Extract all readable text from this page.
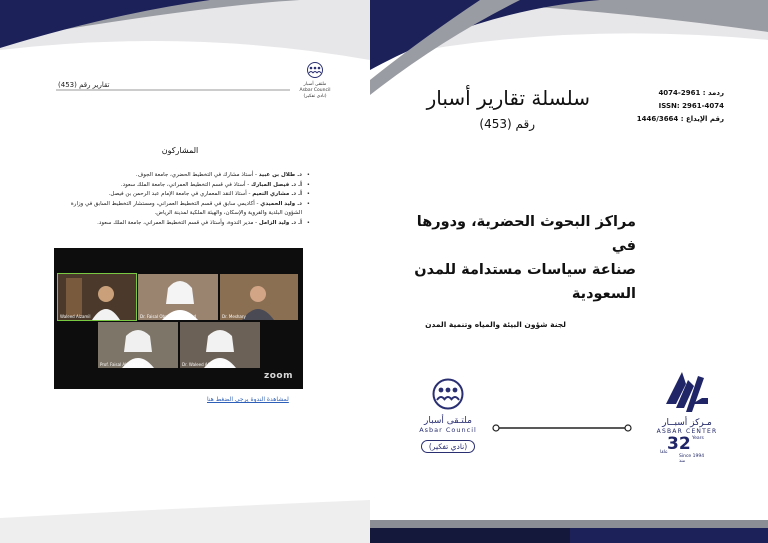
تقارير رقم (453)	ملتقى أسبار
Asbar Council
(نادي تفكير)
المشاركون
• د. طلال بن عبيد - أستاذ مشارك في التخطيط الحضري، جامعة الجوف.
• أ. د. فيصل المبارك - أستاذ في قسم التخطيط العمراني، جامعة الملك سعود.
• أ. د. مشاري النعيم - أستاذ النقد المعماري في جامعة الإمام عبد الرحمن بن فيصل.
• د. وليد الحميدي - أكاديمي سابق في قسم التخطيط العمراني، ومستشار التخطيط السابق في وزارة الشؤون البلدية والقروية والإسكان، والهيئة الملكية لمدينة الرياض.
• أ. د. وليد الزامل - مدير الندوة، وأستاذ في قسم التخطيط العمراني، جامعة الملك سعود.
Waleed Alzamil	Dr. Faisal Obaid Mohammed	Dr. Meshary
Prof. Faisal Almobarak	Dr. Waleed Alhumaidi
zoom
لمشاهدة الندوة يرجى الضغط هنا
ردمد : 2961-4074
ISSN: 2961-4074
رقم الإيداع : 1446/3664
سلسلة تقارير أسبار
رقم (453)
مراكز البحوث الحضرية، ودورها في
صناعة سياسات مستدامة للمدن
السعودية
لجنة شؤون البيئة والمياه وتنمية المدن
ملتـقى أسبار
Asbar Council
(نادي تفكير)
مـركز أسبــار
ASBAR CENTER
32 Years
عامًا
Since 1994 منذ
